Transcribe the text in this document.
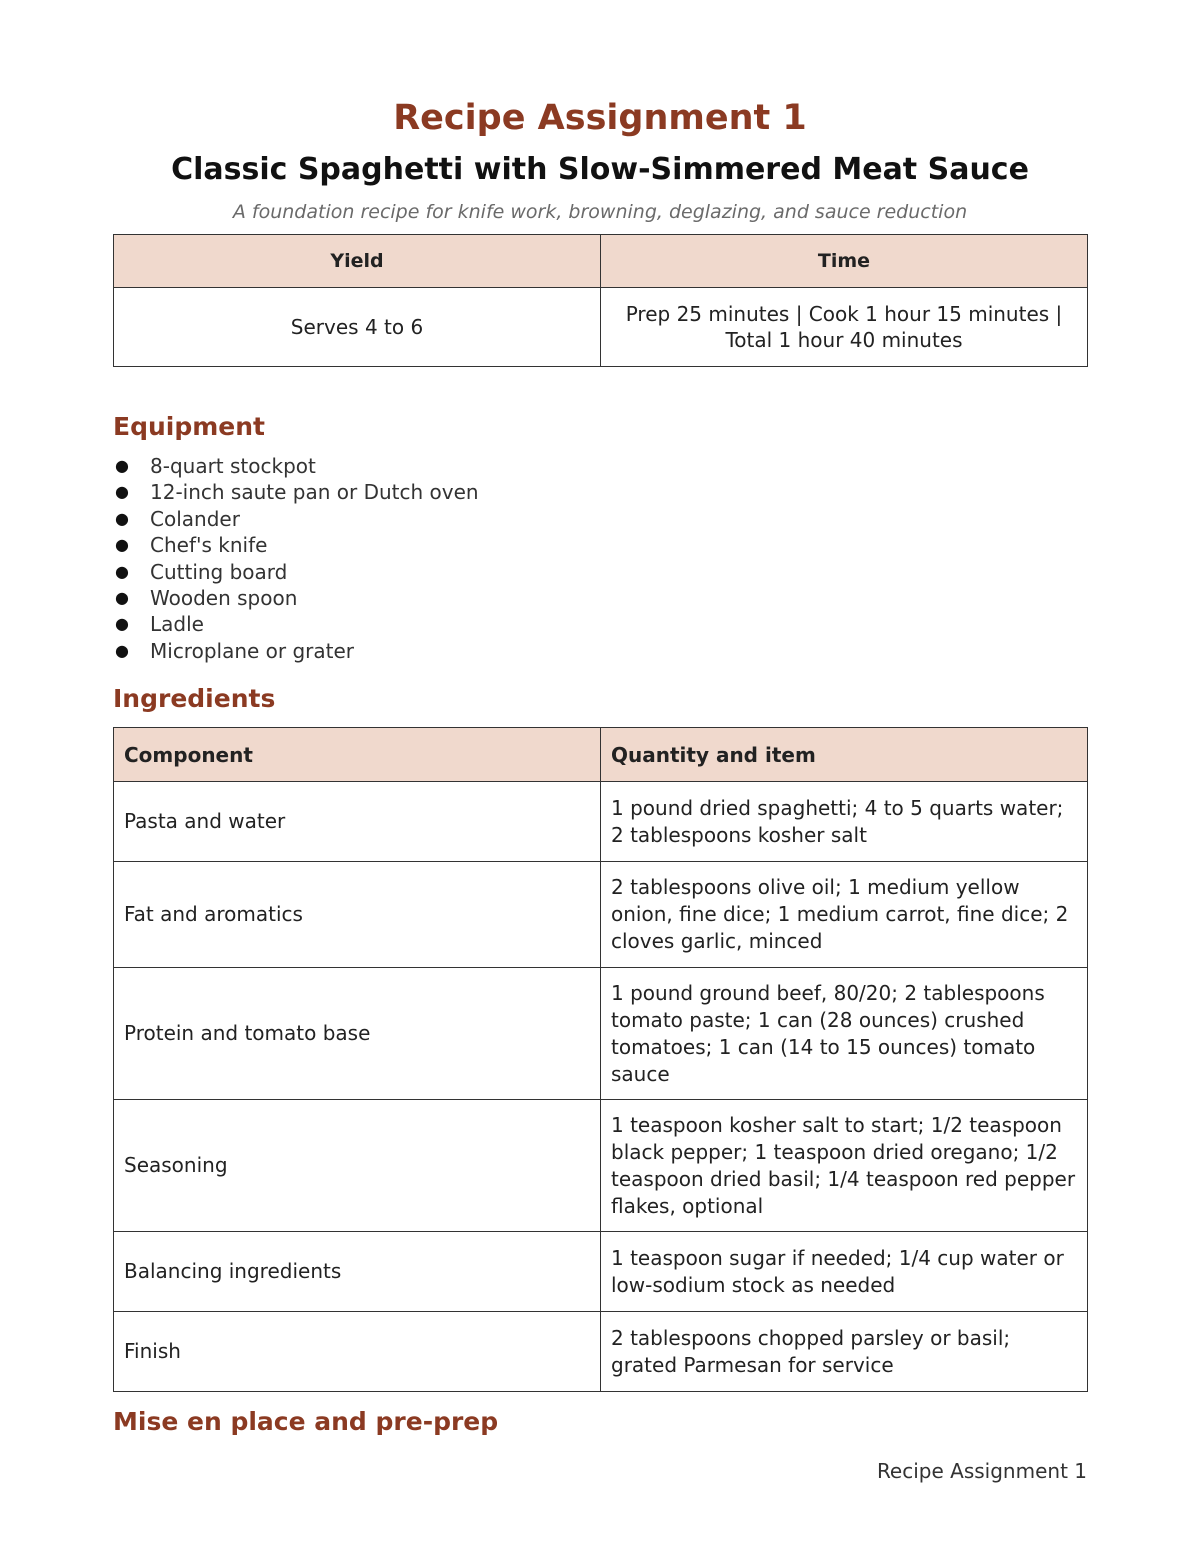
Recipe Assignment 1
Classic Spaghetti with Slow-Simmered Meat Sauce
A foundation recipe for knife work, browning, deglazing, and sauce reduction
Yield	Time
Serves 4 to 6	Prep 25 minutes | Cook 1 hour 15 minutes | Total 1 hour 40 minutes
Equipment
●	8-quart stockpot
●	12-inch saute pan or Dutch oven
●	Colander
●	Chef's knife
●	Cutting board
●	Wooden spoon
●	Ladle
●	Microplane or grater
Ingredients
Component	Quantity and item
Pasta and water	1 pound dried spaghetti; 4 to 5 quarts water; 2 tablespoons kosher salt
Fat and aromatics	2 tablespoons olive oil; 1 medium yellow onion, fine dice; 1 medium carrot, fine dice; 2 cloves garlic, minced
Protein and tomato base	1 pound ground beef, 80/20; 2 tablespoons tomato paste; 1 can (28 ounces) crushed tomatoes; 1 can (14 to 15 ounces) tomato sauce
Seasoning	1 teaspoon kosher salt to start; 1/2 teaspoon black pepper; 1 teaspoon dried oregano; 1/2 teaspoon dried basil; 1/4 teaspoon red pepper flakes, optional
Balancing ingredients	1 teaspoon sugar if needed; 1/4 cup water or low-sodium stock as needed
Finish	2 tablespoons chopped parsley or basil; grated Parmesan for service
Mise en place and pre-prep
Recipe Assignment 1
